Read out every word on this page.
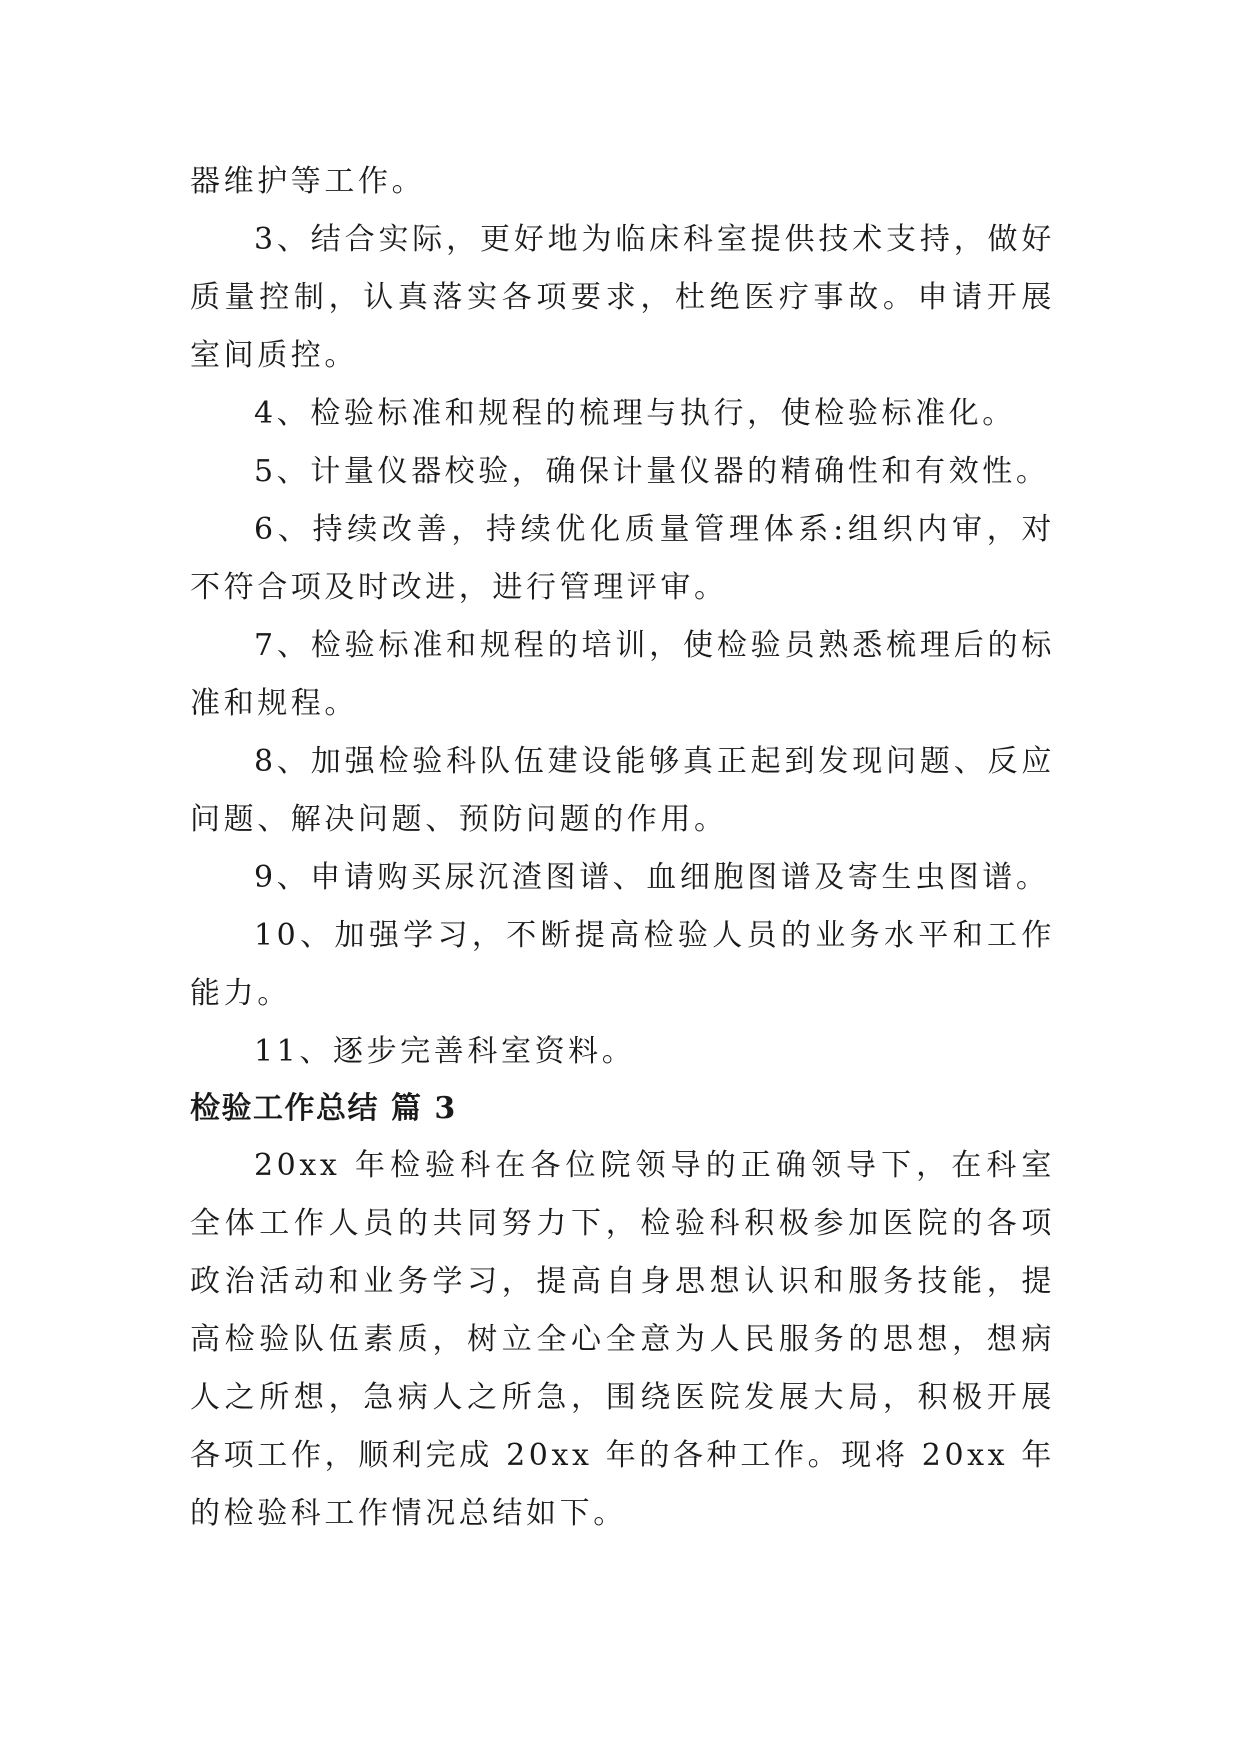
器维护等工作。

3、结合实际，更好地为临床科室提供技术支持，做好质量控制，认真落实各项要求，杜绝医疗事故。申请开展室间质控。

4、检验标准和规程的梳理与执行，使检验标准化。

5、计量仪器校验，确保计量仪器的精确性和有效性。

6、持续改善，持续优化质量管理体系:组织内审，对不符合项及时改进，进行管理评审。

7、检验标准和规程的培训，使检验员熟悉梳理后的标准和规程。

8、加强检验科队伍建设能够真正起到发现问题、反应问题、解决问题、预防问题的作用。

9、申请购买尿沉渣图谱、血细胞图谱及寄生虫图谱。

10、加强学习，不断提高检验人员的业务水平和工作能力。

11、逐步完善科室资料。

检验工作总结 篇 3

20xx 年检验科在各位院领导的正确领导下，在科室全体工作人员的共同努力下，检验科积极参加医院的各项政治活动和业务学习，提高自身思想认识和服务技能，提高检验队伍素质，树立全心全意为人民服务的思想，想病人之所想，急病人之所急，围绕医院发展大局，积极开展各项工作，顺利完成 20xx 年的各种工作。现将 20xx 年的检验科工作情况总结如下。
